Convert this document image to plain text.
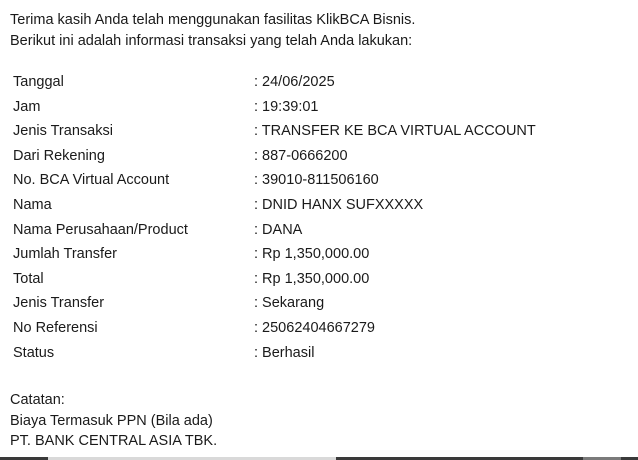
Terima kasih Anda telah menggunakan fasilitas KlikBCA Bisnis.

Berikut ini adalah informasi transaksi yang telah Anda lakukan:

Tanggal	: 24/06/2025
Jam	: 19:39:01
Jenis Transaksi	: TRANSFER KE BCA VIRTUAL ACCOUNT
Dari Rekening	: 887-0666200
No. BCA Virtual Account	: 39010-811506160
Nama	: DNID HANX SUFXXXXX
Nama Perusahaan/Product	: DANA
Jumlah Transfer	: Rp 1,350,000.00
Total	: Rp 1,350,000.00
Jenis Transfer	: Sekarang
No Referensi	: 25062404667279
Status	: Berhasil

Catatan:

Biaya Termasuk PPN (Bila ada)

PT. BANK CENTRAL ASIA TBK.
